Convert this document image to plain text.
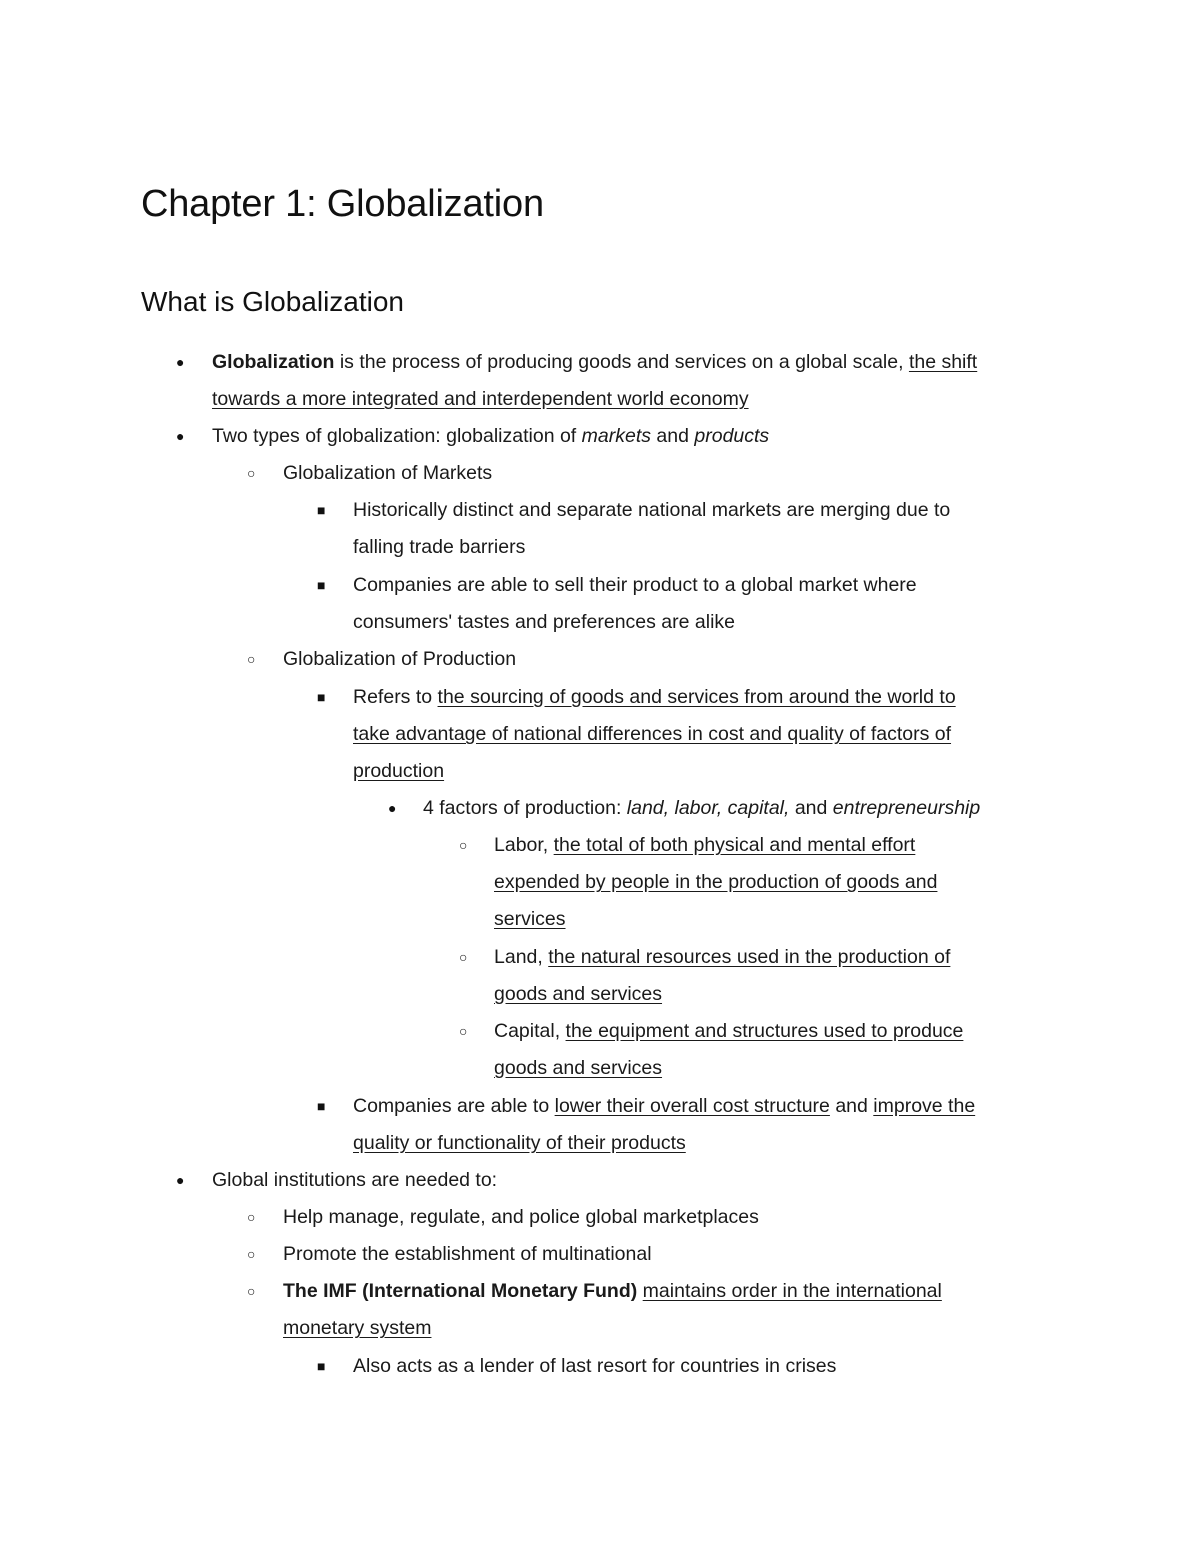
Chapter 1: Globalization
What is Globalization
● Globalization is the process of producing goods and services on a global scale, the shift
towards a more integrated and interdependent world economy
● Two types of globalization: globalization of markets and products
○ Globalization of Markets
■ Historically distinct and separate national markets are merging due to
falling trade barriers
■ Companies are able to sell their product to a global market where
consumers' tastes and preferences are alike
○ Globalization of Production
■ Refers to the sourcing of goods and services from around the world to
take advantage of national differences in cost and quality of factors of
production
● 4 factors of production: land, labor, capital, and entrepreneurship
○ Labor, the total of both physical and mental effort
expended by people in the production of goods and
services
○ Land, the natural resources used in the production of
goods and services
○ Capital, the equipment and structures used to produce
goods and services
■ Companies are able to lower their overall cost structure and improve the
quality or functionality of their products
● Global institutions are needed to:
○ Help manage, regulate, and police global marketplaces
○ Promote the establishment of multinational
○ The IMF (International Monetary Fund) maintains order in the international
monetary system
■ Also acts as a lender of last resort for countries in crises
